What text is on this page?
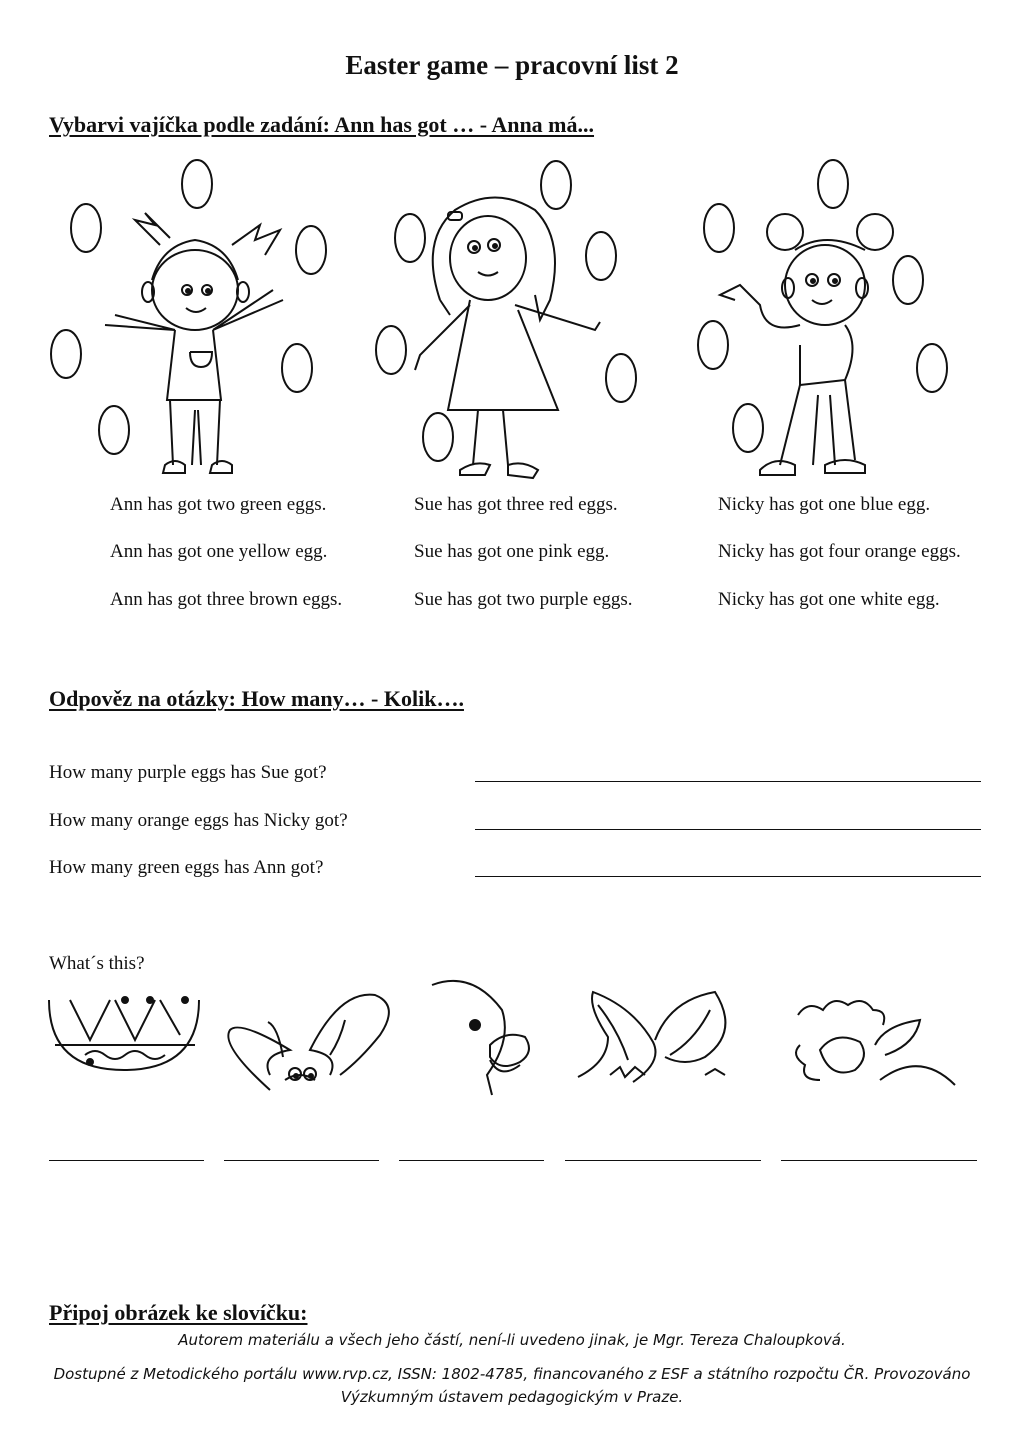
Easter game – pracovní list 2
Vybarvi vajíčka podle zadání: Ann has got … - Anna má...
Ann has got two green eggs.
Ann has got one yellow egg.
Ann has got three brown eggs.
Sue has got three red eggs.
Sue has got one pink egg.
Sue has got two purple eggs.
Nicky has got one blue egg.
Nicky has got four orange eggs.
Nicky has got one white egg.
Odpověz na otázky: How many… - Kolik….
How many purple eggs has Sue got?
How many orange eggs has Nicky got?
How many green eggs has Ann got?
What´s this?
Připoj obrázek ke slovíčku:
Autorem materiálu a všech jeho částí, není-li uvedeno jinak, je Mgr. Tereza Chaloupková.
Dostupné z Metodického portálu www.rvp.cz, ISSN: 1802-4785, financovaného z ESF a státního rozpočtu ČR. Provozováno
Výzkumným ústavem pedagogickým v Praze.
